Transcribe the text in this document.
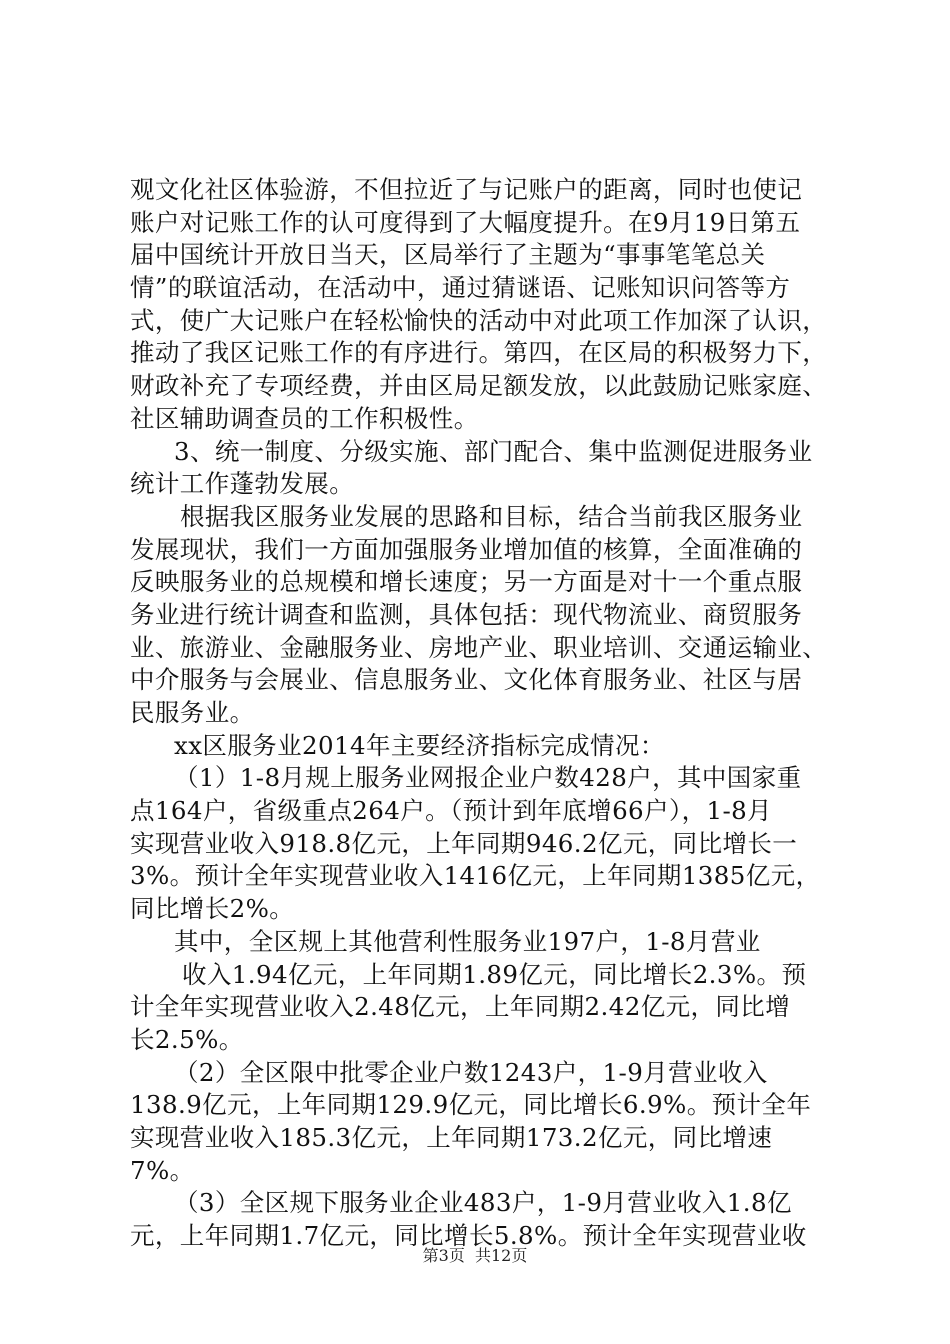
观文化社区体验游，不但拉近了与记账户的距离，同时也使记
账户对记账工作的认可度得到了大幅度提升。在9月19日第五
届中国统计开放日当天，区局举行了主题为“事事笔笔总关
情”的联谊活动，在活动中，通过猜谜语、记账知识问答等方
式，使广大记账户在轻松愉快的活动中对此项工作加深了认识，
推动了我区记账工作的有序进行。第四，在区局的积极努力下，
财政补充了专项经费，并由区局足额发放，以此鼓励记账家庭、
社区辅助调查员的工作积极性。
3、统一制度、分级实施、部门配合、集中监测促进服务业
统计工作蓬勃发展。
根据我区服务业发展的思路和目标，结合当前我区服务业
发展现状，我们一方面加强服务业增加值的核算，全面准确的
反映服务业的总规模和增长速度；另一方面是对十一个重点服
务业进行统计调查和监测，具体包括：现代物流业、商贸服务
业、旅游业、金融服务业、房地产业、职业培训、交通运输业、
中介服务与会展业、信息服务业、文化体育服务业、社区与居
民服务业。
xx区服务业2014年主要经济指标完成情况：
（1）1-8月规上服务业网报企业户数428户，其中国家重
点164户，省级重点264户。（预计到年底增66户），1-8月
实现营业收入918.8亿元，上年同期946.2亿元，同比增长一
3%。预计全年实现营业收入1416亿元，上年同期1385亿元，
同比增长2%。
其中，全区规上其他营利性服务业197户，1-8月营业
收入1.94亿元，上年同期1.89亿元，同比增长2.3%。预
计全年实现营业收入2.48亿元，上年同期2.42亿元，同比增
长2.5%。
（2）全区限中批零企业户数1243户，1-9月营业收入
138.9亿元，上年同期129.9亿元，同比增长6.9%。预计全年
实现营业收入185.3亿元，上年同期173.2亿元，同比增速
7%。
（3）全区规下服务业企业483户，1-9月营业收入1.8亿
元，上年同期1.7亿元，同比增长5.8%。预计全年实现营业收
第3页  共12页
